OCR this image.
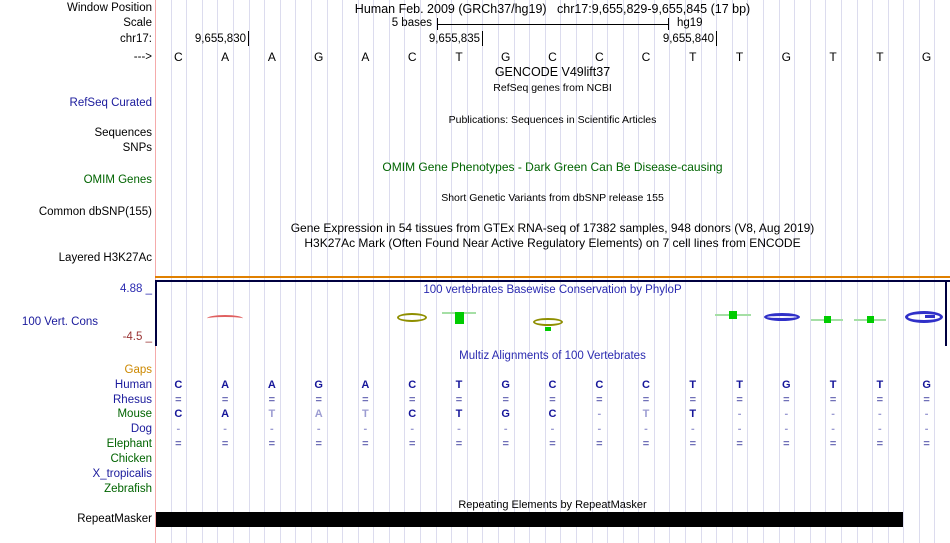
Human Feb. 2009 (GRCh37/hg19)   chr17:9,655,829-9,655,845 (17 bp)
5 bases	hg19
9,655,830	9,655,835	9,655,840
C	A	A	G	A	C	T	G	C	C	C	T	T	G	T	T	G
GENCODE V49lift37
RefSeq genes from NCBI
Publications: Sequences in Scientific Articles
OMIM Gene Phenotypes - Dark Green Can Be Disease-causing
Short Genetic Variants from dbSNP release 155
Gene Expression in 54 tissues from GTEx RNA-seq of 17382 samples, 948 donors (V8, Aug 2019)
H3K27Ac Mark (Often Found Near Active Regulatory Elements) on 7 cell lines from ENCODE
100 vertebrates Basewise Conservation by PhyloP
Multiz Alignments of 100 Vertebrates
Repeating Elements by RepeatMasker
C	A	A	G	A	C	T	G	C	C	C	T	T	G	T	T	G
=	=	=	=	=	=	=	=	=	=	=	=	=	=	=	=	=
C	A	T	A	T	C	T	G	C	-	T	T	-	-	-	-	-
-	-	-	-	-	-	-	-	-	-	-	-	-	-	-	-	-
=	=	=	=	=	=	=	=	=	=	=	=	=	=	=	=	=
Window Position
Scale
chr17:
--->
RefSeq Curated
Sequences
SNPs
OMIM Genes
Common dbSNP(155)
Layered H3K27Ac
4.88 _
100 Vert. Cons
-4.5 _
Gaps
Human
Rhesus
Mouse
Dog
Elephant
Chicken
X_tropicalis
Zebrafish
RepeatMasker
